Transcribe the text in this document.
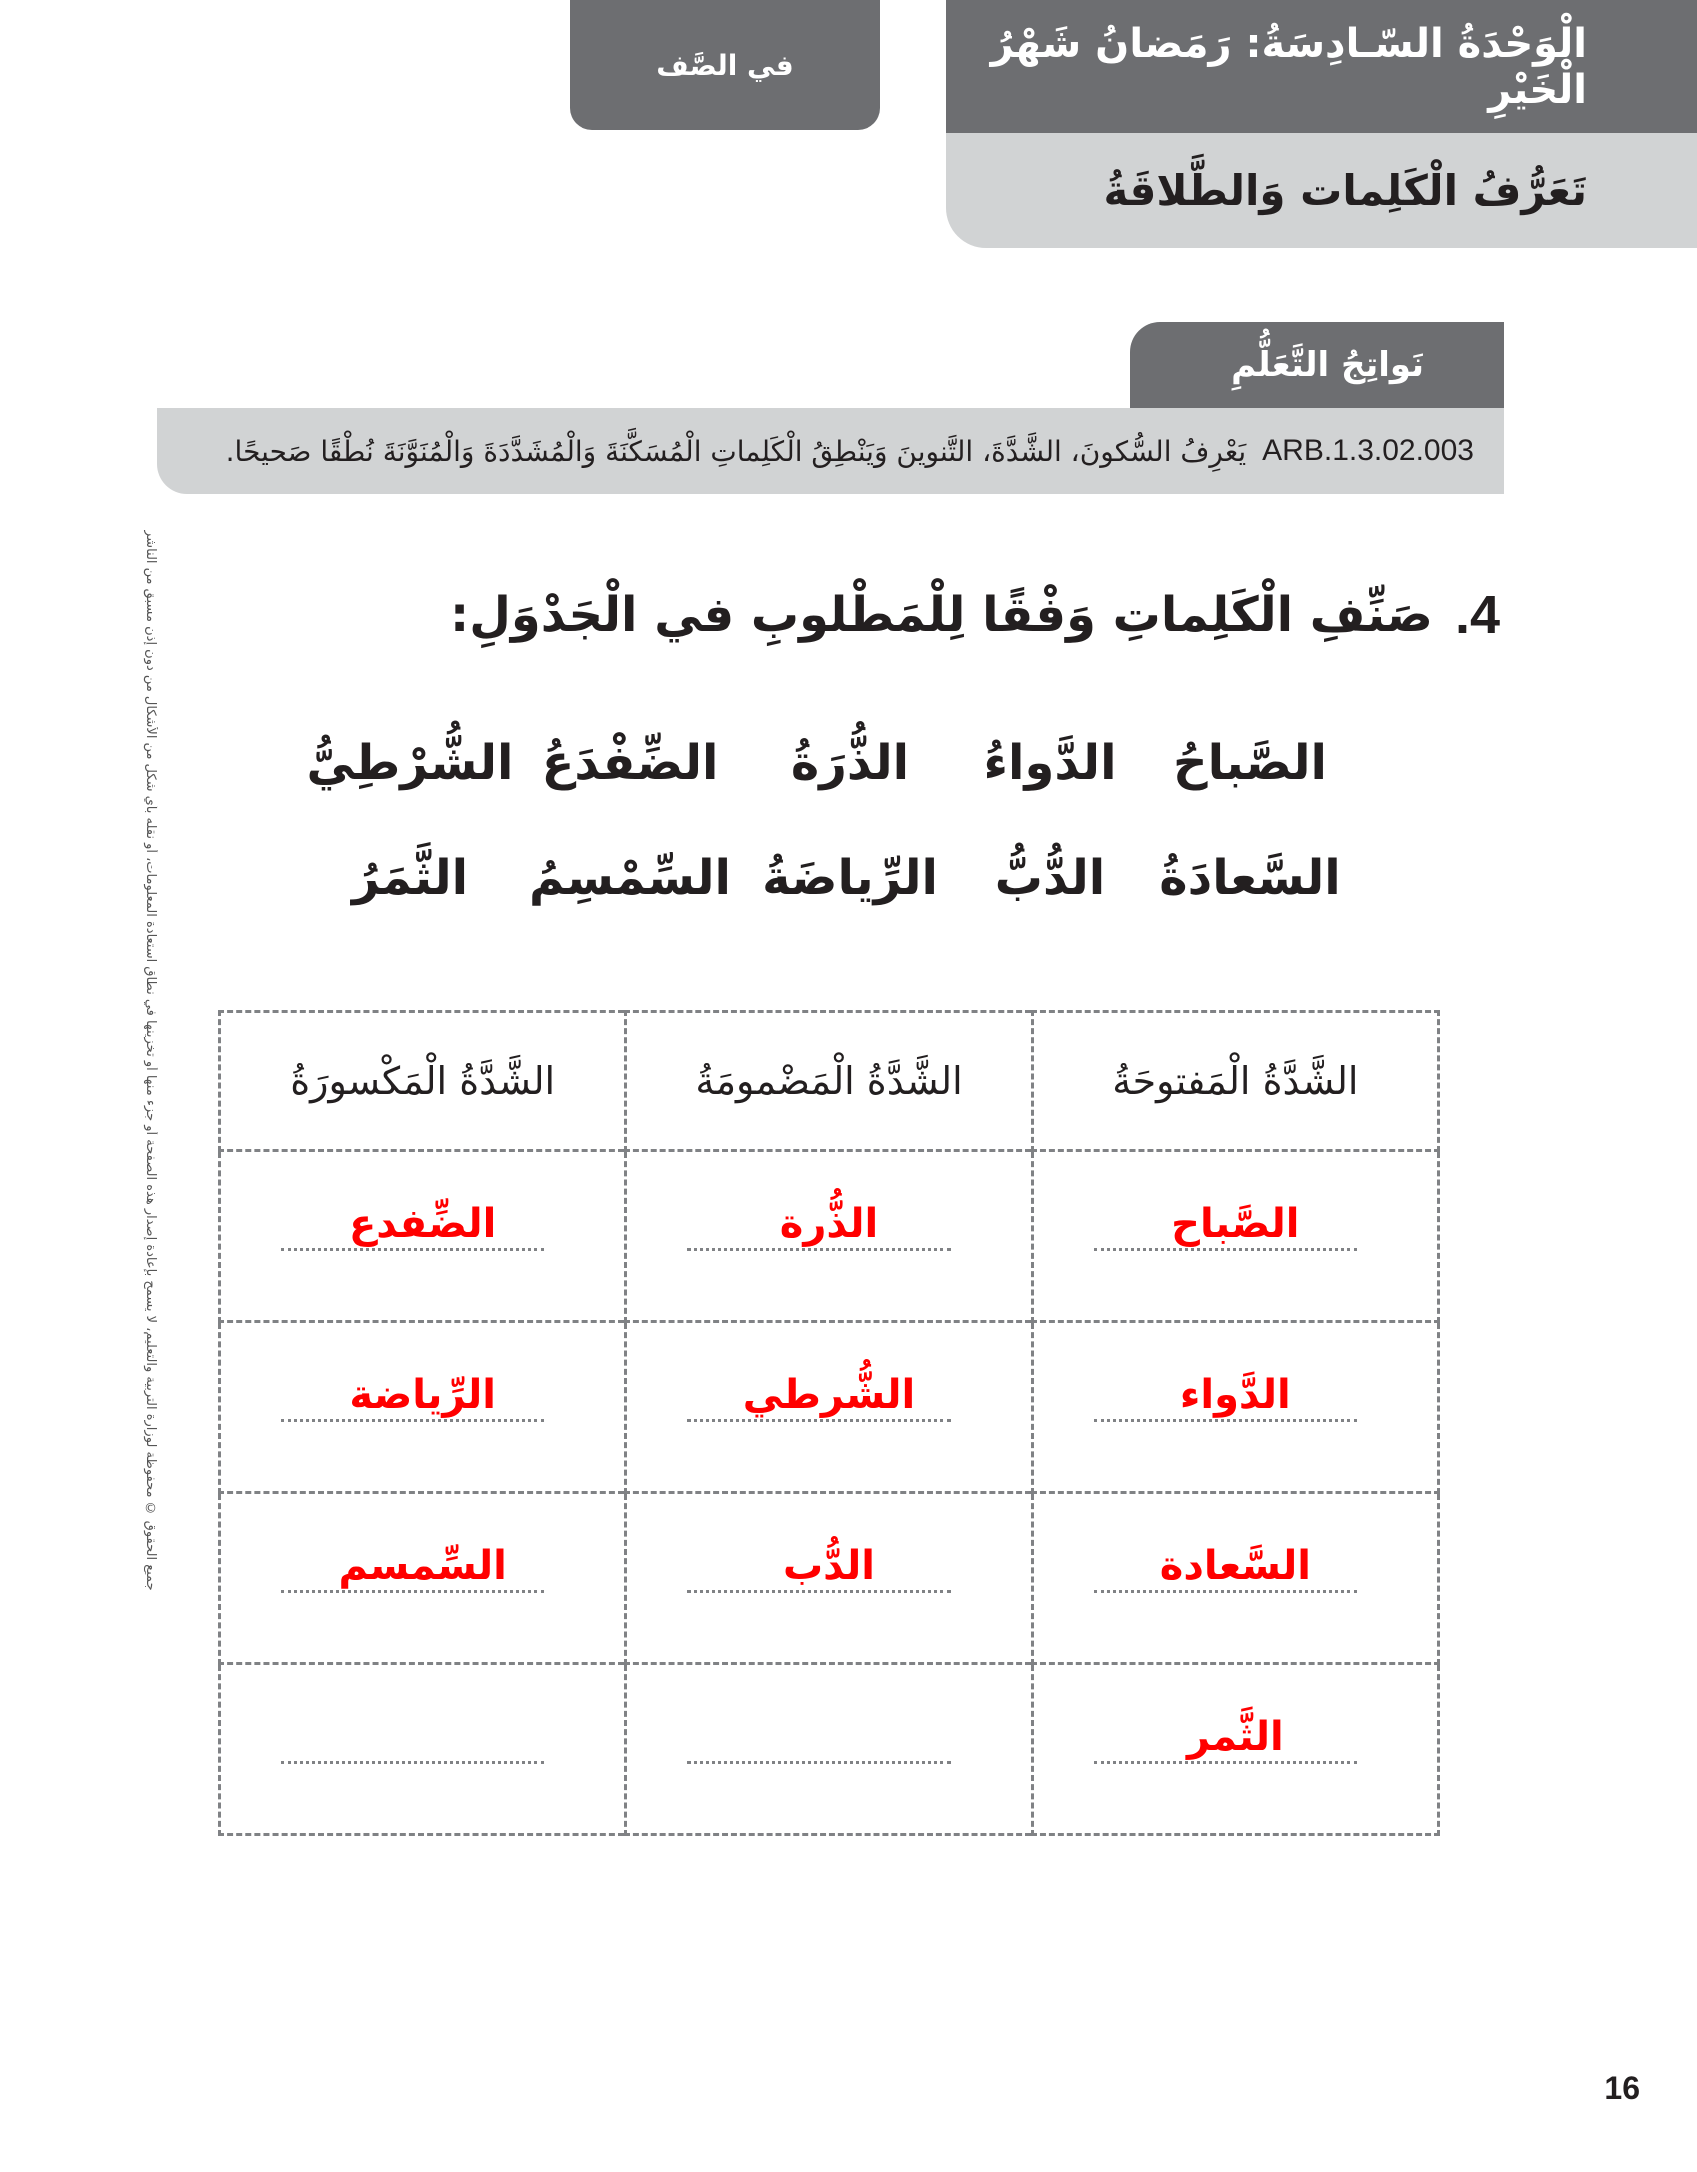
في الصَّف	الْوَحْدَةُ السّـادِسَةُ: رَمَضانُ شَهْرُ الْخَيْرِ
تَعَرُّفُ الْكَلِمات وَالطَّلاقَةُ
نَواتِجُ التَّعَلُّمِ
ARB.1.3.02.003
يَعْرِفُ السُّكونَ، الشَّدَّةَ، التَّنوينَ وَيَنْطِقُ الْكَلِماتِ الْمُسَكَّنَةَ وَالْمُشَدَّدَةَ وَالْمُنَوَّنَةَ نُطْقًا صَحيحًا.
جميع الحقوق © محفوظة لوزارة التربية والتعليم، لا يسمح بإعادة إصدار هذه الصفحة أو جزء منها أو تخزينها في نطاق استعادة المعلومات، أو نقله بأي شكل من الأشكال من دون إذن مسبق من الناشر	4.
صَنِّفِ الْكَلِماتِ وَفْقًا لِلْمَطْلوبِ في الْجَدْوَلِ:
الصَّباحُ
الدَّواءُ
الذُّرَةُ
الضِّفْدَعُ
الشُّرْطِيُّ
السَّعادَةُ
الدُّبُّ
الرِّياضَةُ
السِّمْسِمُ
الثَّمَرُ
الشَّدَّةُ الْمَفتوحَةُ	الشَّدَّةُ الْمَضْمومَةُ	الشَّدَّةُ الْمَكْسورَةُ

الصَّباح	الذُّرة	الضِّفدع

الدَّواء	الشُّرطي	الرِّياضة

السَّعادة	الدُّب	السِّمسم

الثَّمر	

16
